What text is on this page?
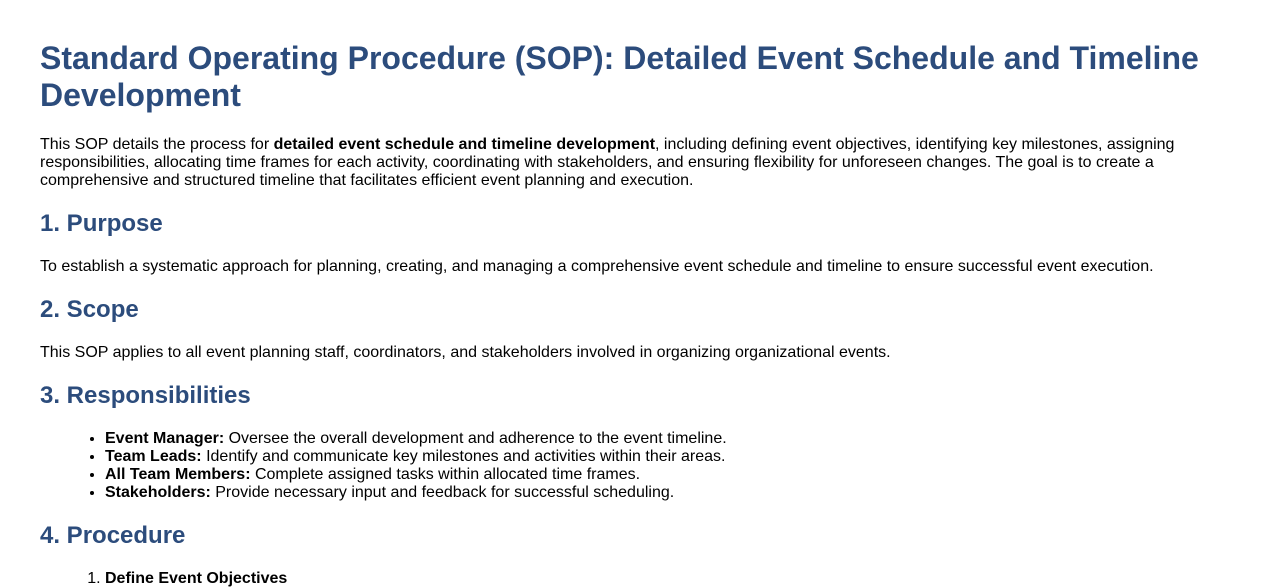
Standard Operating Procedure (SOP): Detailed Event Schedule and Timeline Development

This SOP details the process for detailed event schedule and timeline development, including defining event objectives, identifying key milestones, assigning responsibilities, allocating time frames for each activity, coordinating with stakeholders, and ensuring flexibility for unforeseen changes. The goal is to create a comprehensive and structured timeline that facilitates efficient event planning and execution.

1. Purpose

To establish a systematic approach for planning, creating, and managing a comprehensive event schedule and timeline to ensure successful event execution.

2. Scope

This SOP applies to all event planning staff, coordinators, and stakeholders involved in organizing organizational events.

3. Responsibilities
• Event Manager: Oversee the overall development and adherence to the event timeline.
• Team Leads: Identify and communicate key milestones and activities within their areas.
• All Team Members: Complete assigned tasks within allocated time frames.
• Stakeholders: Provide necessary input and feedback for successful scheduling.
4. Procedure
1. Define Event Objectives
